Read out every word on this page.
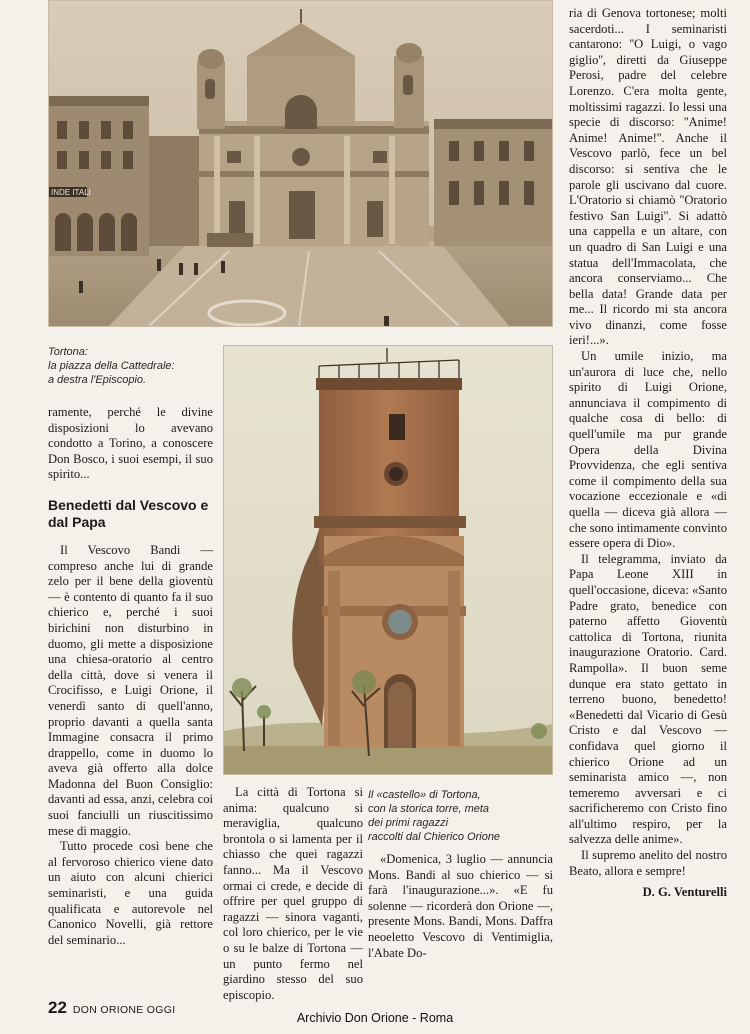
INDE ITALI

Tortona:

la piazza della Cattedrale:

a destra l'Episcopio.

Il «castello» di Tortona,

con la storica torre, meta

dei primi ragazzi

raccolti dal Chierico Orione

ramente, perché le divine disposizioni lo avevano condotto a Torino, a conoscere Don Bosco, i suoi esempi, il suo spirito...

Benedetti dal Vescovo e dal Papa

Il Vescovo Bandi — compreso anche lui di grande zelo per il bene della gioventù — è contento di quanto fa il suo chierico e, perché i suoi birichini non disturbino in duomo, gli mette a disposizione una chiesa-oratorio al centro della città, dove si venera il Crocifisso, e Luigi Orione, il venerdì santo di quell'anno, proprio davanti a quella santa Immagine consacra il primo drappello, come in duomo lo aveva già offerto alla dolce Madonna del Buon Consiglio: davanti ad essa, anzi, celebra coi suoi fanciulli un riuscitissimo mese di maggio.

Tutto procede così bene che al fervoroso chierico viene dato un aiuto con alcuni chierici seminaristi, e una guida qualificata e autorevole nel Canonico Novelli, già rettore del seminario...

La città di Tortona si anima: qualcuno si meraviglia, qualcuno brontola o si lamenta per il chiasso che quei ragazzi fanno... Ma il Vescovo ormai ci crede, e decide di offrire per quel gruppo di ragazzi — sinora vaganti, col loro chierico, per le vie o su le balze di Tortona — un punto fermo nel giardino stesso del suo episcopio.

«Domenica, 3 luglio — annuncia Mons. Bandi al suo chierico — si farà l'inaugurazione...». «E fu solenne — ricorderà don Orione —, presente Mons. Bandi, Mons. Daffra neoeletto Vescovo di Ventimiglia, l'Abate Do-

ria di Genova tortonese; molti sacerdoti... I seminaristi cantarono: ''O Luigi, o vago giglio'', diretti da Giuseppe Perosi, padre del celebre Lorenzo. C'era molta gente, moltissimi ragazzi. Io lessi una specie di discorso: ''Anime! Anime! Anime!''. Anche il Vescovo parlò, fece un bel discorso: si sentiva che le parole gli uscivano dal cuore. L'Oratorio si chiamò ''Oratorio festivo San Luigi''. Si adattò una cappella e un altare, con un quadro di San Luigi e una statua dell'Immacolata, che ancora conserviamo... Che bella data! Grande data per me... Il ricordo mi sta ancora vivo dinanzi, come fosse ieri!...».

Un umile inizio, ma un'aurora di luce che, nello spirito di Luigi Orione, annunciava il compimento di qualche cosa di bello: di quell'umile ma pur grande Opera della Divina Provvidenza, che egli sentiva come il compimento della sua vocazione eccezionale e «di quella — diceva già allora — che sono intimamente convinto essere opera di Dio».

Il telegramma, inviato da Papa Leone XIII in quell'occasione, diceva: «Santo Padre grato, benedice con paterno affetto Gioventù cattolica di Tortona, riunita inaugurazione Oratorio. Card. Rampolla». Il buon seme dunque era stato gettato in terreno buono, benedetto! «Benedetti dal Vicario di Gesù Cristo e dal Vescovo — confidava quel giorno il chierico Orione ad un seminarista amico —, non temeremo avversari e ci sacrificheremo con Cristo fino all'ultimo respiro, per la salvezza delle anime».

Il supremo anelito del nostro Beato, allora e sempre!

D. G. Venturelli

22 DON ORIONE OGGI
Archivio Don Orione - Roma
